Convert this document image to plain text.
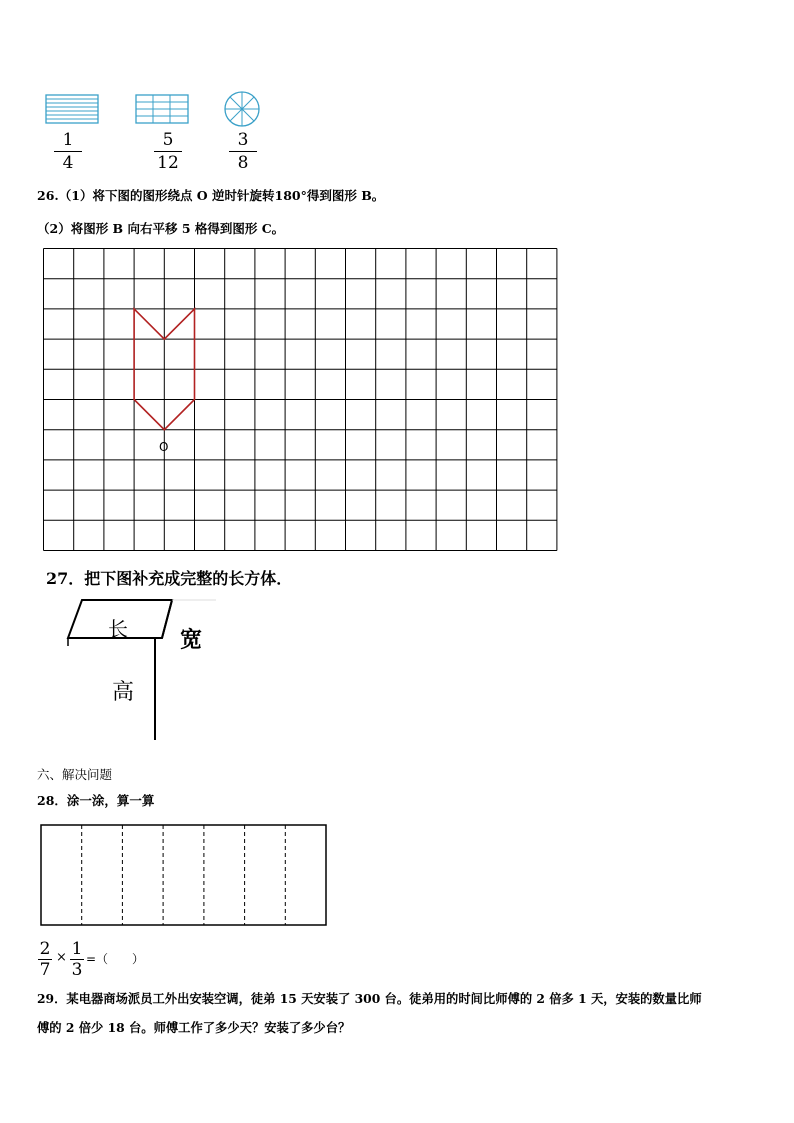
1
4
5
12
3
8
26.（1）将下图的图形绕点 O 逆时针旋转180°得到图形 B。
（2）将图形 B 向右平移 5 格得到图形 C。
O
27．把下图补充成完整的长方体．
长 宽
高
六、解决问题
28．涂一涂，算一算
2
7
× 1
3
=（　　）
29．某电器商场派员工外出安装空调，徒弟 15 天安装了 300 台。徒弟用的时间比师傅的 2 倍多 1 天，安装的数量比师
傅的 2 倍少 18 台。师傅工作了多少天？安装了多少台？
